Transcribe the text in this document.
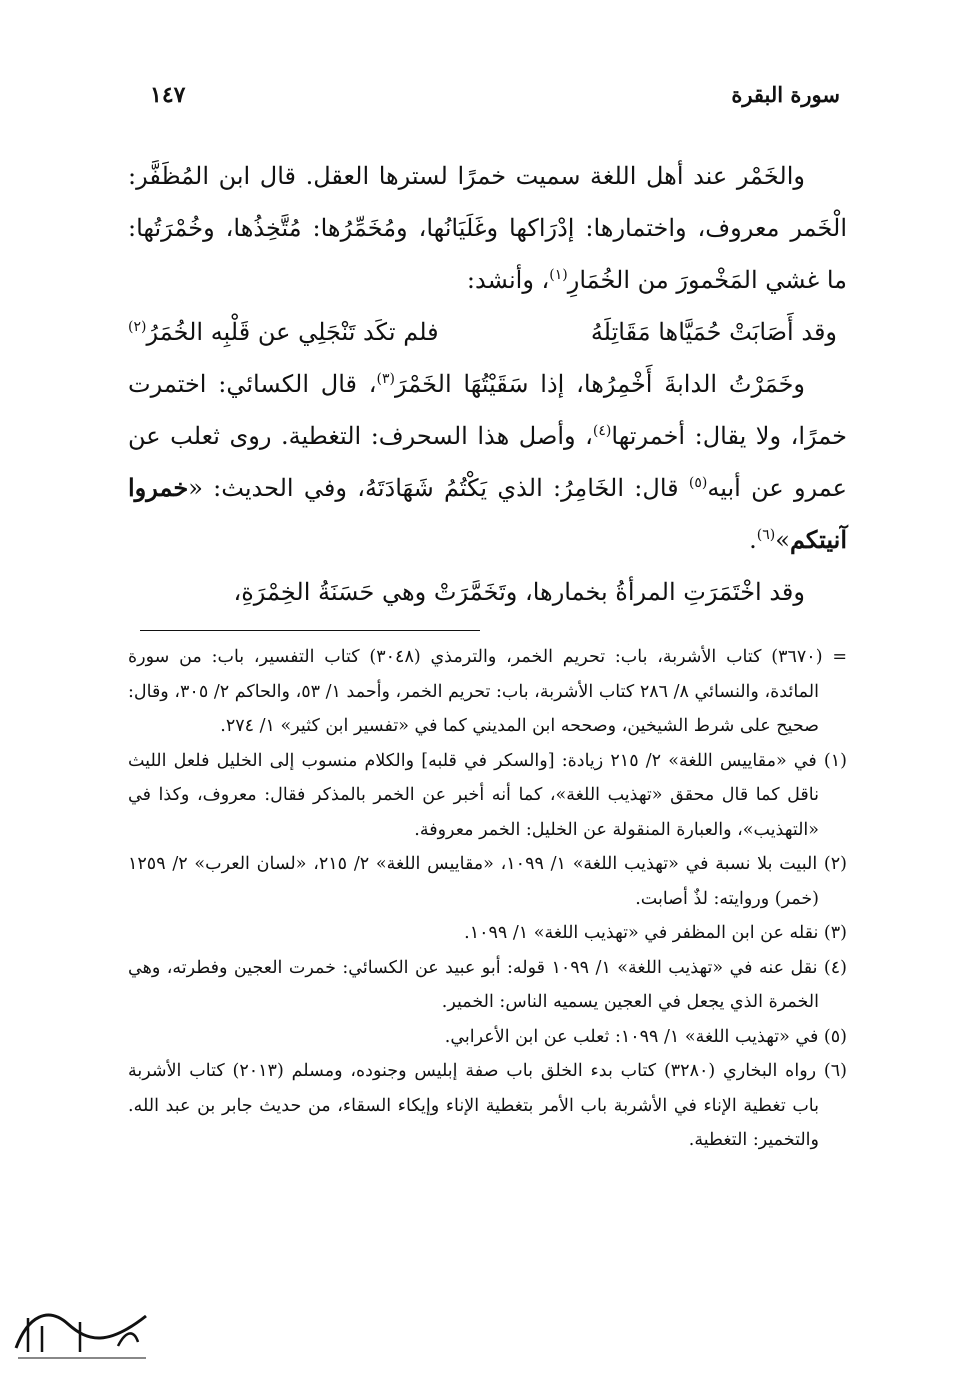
سورة البقرة
١٤٧

والخَمْر عند أهل اللغة سميت خمرًا لسترها العقل. قال ابن المُظَفَّر: الْخَمر معروف، واختمارها: إدْرَاكها وغَلَيَانُها، ومُخَمِّرُها: مُتَّخِذُها، وخُمْرَتُها: ما غشي المَخْمورَ من الخُمَارِ$^{(١)}$، وأنشد:

وقد أَصَابَتْ حُمَيَّاها مَقَاتِلَهُ
فلم تكَد تَنْجَلِي عن قَلْبِه الخُمَرُ$^{(٢)}$

وخَمَرْتُ الدابةَ أَخْمِرُها، إذا سَقَيْتُهَا الخَمْرَ$^{(٣)}$، قال الكسائي: اختمرت خمرًا، ولا يقال: أخمرتها$^{(٤)}$، وأصل هذا السحرف: التغطية. روى ثعلب عن عمرو عن أبيه$^{(٥)}$ قال: الخَامِرُ: الذي يَكْتُمُ شَهَادَتَهُ، وفي الحديث: «خمروا آنيتكم»$^{(٦)}$.

وقد اخْتَمَرَتِ المرأةُ بخمارها، وتَخَمَّرَتْ وهي حَسَنَةُ الخِمْرَةِ،

= (٣٦٧٠) كتاب الأشربة، باب: تحريم الخمر، والترمذي (٣٠٤٨) كتاب التفسير، باب: من سورة المائدة، والنسائي ٨/ ٢٨٦ كتاب الأشربة، باب: تحريم الخمر، وأحمد ١/ ٥٣، والحاكم ٢/ ٣٠٥، وقال: صحيح على شرط الشيخين، وصححه ابن المديني كما في «تفسير ابن كثير» ١/ ٢٧٤.

(١) في «مقاييس اللغة» ٢/ ٢١٥ زيادة: [والسكر في قلبه] والكلام منسوب إلى الخليل فلعل الليث ناقل كما قال محقق «تهذيب اللغة»، كما أنه أخبر عن الخمر بالمذكر فقال: معروف، وكذا في «التهذيب»، والعبارة المنقولة عن الخليل: الخمر معروفة.

(٢) البيت بلا نسبة في «تهذيب اللغة» ١/ ١٠٩٩، «مقاييس اللغة» ٢/ ٢١٥، «لسان العرب» ٢/ ١٢٥٩ (خمر) وروايته: لذٌ أصابت.

(٣) نقله عن ابن المظفر في «تهذيب اللغة» ١/ ١٠٩٩.

(٤) نقل عنه في «تهذيب اللغة» ١/ ١٠٩٩ قوله: أبو عبيد عن الكسائي: خمرت العجين وفطرته، وهي الخمرة الذي يجعل في العجين يسميه الناس: الخمير.

(٥) في «تهذيب اللغة» ١/ ١٠٩٩: ثعلب عن ابن الأعرابي.

(٦) رواه البخاري (٣٢٨٠) كتاب بدء الخلق باب صفة إبليس وجنوده، ومسلم (٢٠١٣) كتاب الأشربة باب تغطية الإناء في الأشربة باب الأمر بتغطية الإناء وإيكاء السقاء، من حديث جابر بن عبد الله. والتخمير: التغطية.
